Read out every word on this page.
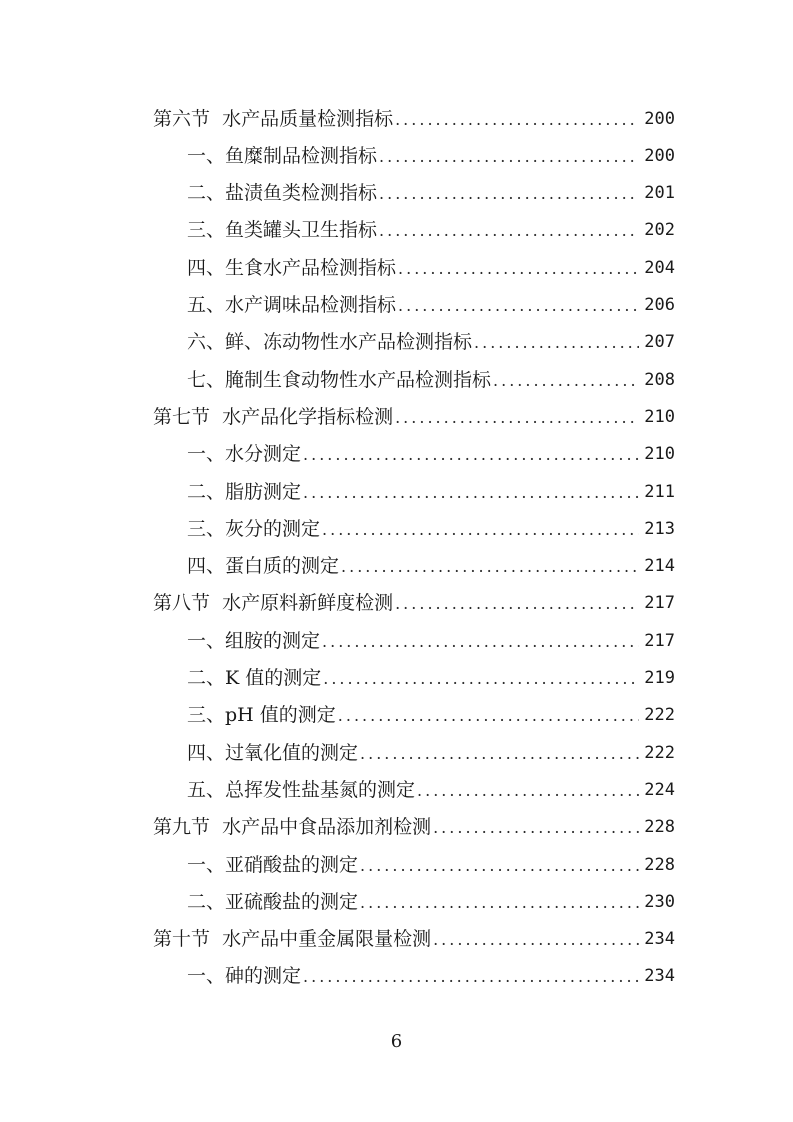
第六节  水产品质量检测指标 .....	200
一、鱼糜制品检测指标 .....	200
二、盐渍鱼类检测指标 .....	201
三、鱼类罐头卫生指标 .....	202
四、生食水产品检测指标 .....	204
五、水产调味品检测指标 .....	206
六、鲜、冻动物性水产品检测指标 .....	207
七、腌制生食动物性水产品检测指标 .....	208
第七节  水产品化学指标检测 .....	210
一、水分测定 .....	210
二、脂肪测定 .....	211
三、灰分的测定 .....	213
四、蛋白质的测定 .....	214
第八节  水产原料新鲜度检测 .....	217
一、组胺的测定 .....	217
二、K 值的测定 .....	219
三、pH 值的测定 .....	222
四、过氧化值的测定 .....	222
五、总挥发性盐基氮的测定 .....	224
第九节  水产品中食品添加剂检测 .....	228
一、亚硝酸盐的测定 .....	228
二、亚硫酸盐的测定 .....	230
第十节  水产品中重金属限量检测 .....	234
一、砷的测定 .....	234
6
